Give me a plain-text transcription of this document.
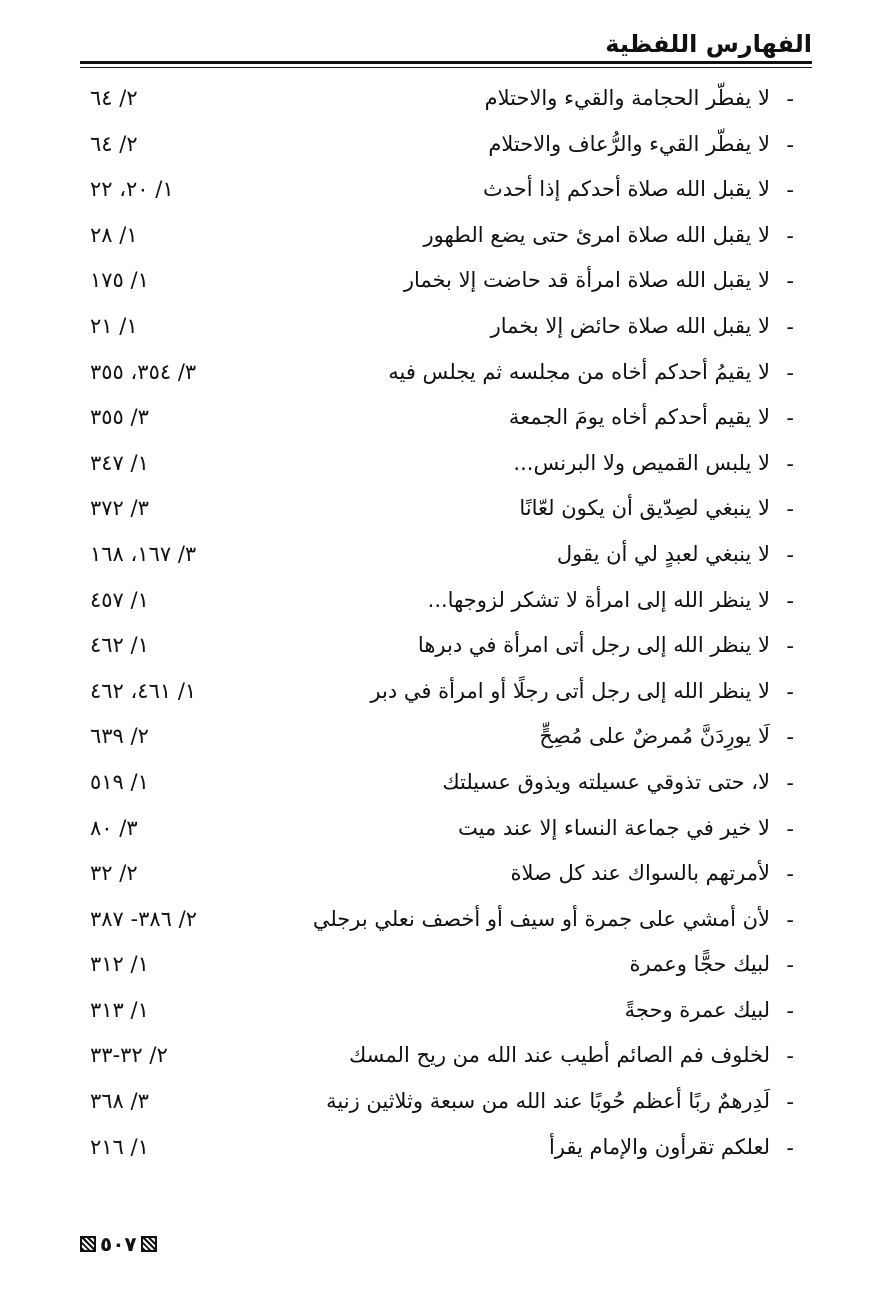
الفهارس اللفظية
-
لا يفطّر الحجامة والقيء والاحتلام
٢/ ٦٤
-
لا يفطّر القيء والرُّعاف والاحتلام
٢/ ٦٤
-
لا يقبل الله صلاة أحدكم إذا أحدث
١/ ٢٠، ٢٢
-
لا يقبل الله صلاة امرئ حتى يضع الطهور
١/ ٢٨
-
لا يقبل الله صلاة امرأة قد حاضت إلا بخمار
١/ ١٧٥
-
لا يقبل الله صلاة حائض إلا بخمار
١/ ٢١
-
لا يقيمُ أحدكم أخاه من مجلسه ثم يجلس فيه
٣/ ٣٥٤، ٣٥٥
-
لا يقيم أحدكم أخاه يومَ الجمعة
٣/ ٣٥٥
-
لا يلبس القميص ولا البرنس...
١/ ٣٤٧
-
لا ينبغي لصِدّيق أن يكون لعّانًا
٣/ ٣٧٢
-
لا ينبغي لعبدٍ لي أن يقول
٣/ ١٦٧، ١٦٨
-
لا ينظر الله إلى امرأة لا تشكر لزوجها...
١/ ٤٥٧
-
لا ينظر الله إلى رجل أتى امرأة في دبرها
١/ ٤٦٢
-
لا ينظر الله إلى رجل أتى رجلًا أو امرأة في دبر
١/ ٤٦١، ٤٦٢
-
لَا يورِدَنَّ مُمرضٌ على مُصِحٍّ
٢/ ٦٣٩
-
لا، حتى تذوقي عسيلته ويذوق عسيلتك
١/ ٥١٩
-
لا خير في جماعة النساء إلا عند ميت
٣/ ٨٠
-
لأمرتهم بالسواك عند كل صلاة
٢/ ٣٢
-
لأن أمشي على جمرة أو سيف أو أخصف نعلي برجلي
٢/ ٣٨٦- ٣٨٧
-
لبيك حجًّا وعمرة
١/ ٣١٢
-
لبيك عمرة وحجةً
١/ ٣١٣
-
لخلوف فم الصائم أطيب عند الله من ريح المسك
٢/ ٣٢-٣٣
-
لَدِرهمٌ ربًا أعظم حُوبًا عند الله من سبعة وثلاثين زنية
٣/ ٣٦٨
-
لعلكم تقرأون والإمام يقرأ
١/ ٢١٦
٥٠٧
